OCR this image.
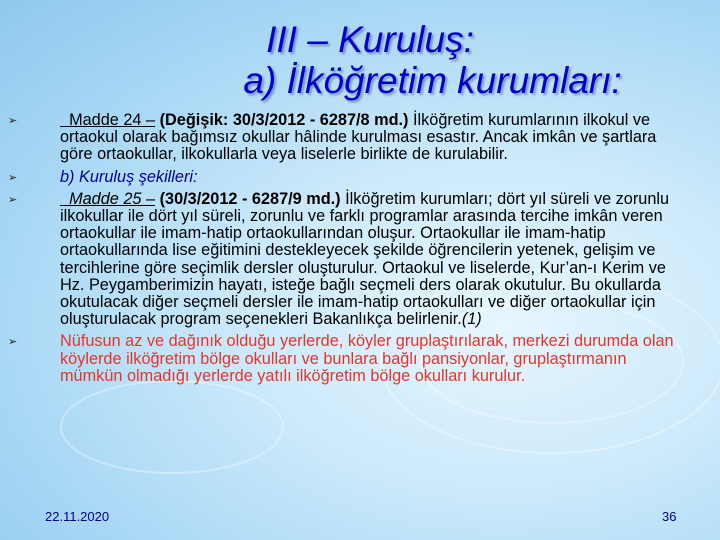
III – Kuruluş:
a) İlköğretim kurumları:

➢	Madde 24 – (Değişik: 30/3/2012 - 6287/8 md.) İlköğretim kurumlarının ilkokul ve ortaokul olarak bağımsız okullar hâlinde kurulması esastır. Ancak imkân ve şartlara göre ortaokullar, ilkokullarla veya liselerle birlikte de kurulabilir.

➢	b) Kuruluş şekilleri:

➢	Madde 25 – (30/3/2012 - 6287/9 md.) İlköğretim kurumları; dört yıl süreli ve zorunlu ilkokullar ile dört yıl süreli, zorunlu ve farklı programlar arasında tercihe imkân veren ortaokullar ile imam-hatip ortaokullarından oluşur. Ortaokullar ile imam-hatip ortaokullarında lise eğitimini destekleyecek şekilde öğrencilerin yetenek, gelişim ve tercihlerine göre seçimlik dersler oluşturulur. Ortaokul ve liselerde, Kur’an-ı Kerim ve Hz. Peygamberimizin hayatı, isteğe bağlı seçmeli ders olarak okutulur. Bu okullarda okutulacak diğer seçmeli dersler ile imam-hatip ortaokulları ve diğer ortaokullar için oluşturulacak program seçenekleri Bakanlıkça belirlenir.(1)

➢	Nüfusun az ve dağınık olduğu yerlerde, köyler gruplaştırılarak, merkezi durumda olan köylerde ilköğretim bölge okulları ve bunlara bağlı pansiyonlar, gruplaştırmanın mümkün olmadığı yerlerde yatılı ilköğretim bölge okulları kurulur.

22.11.2020	36
